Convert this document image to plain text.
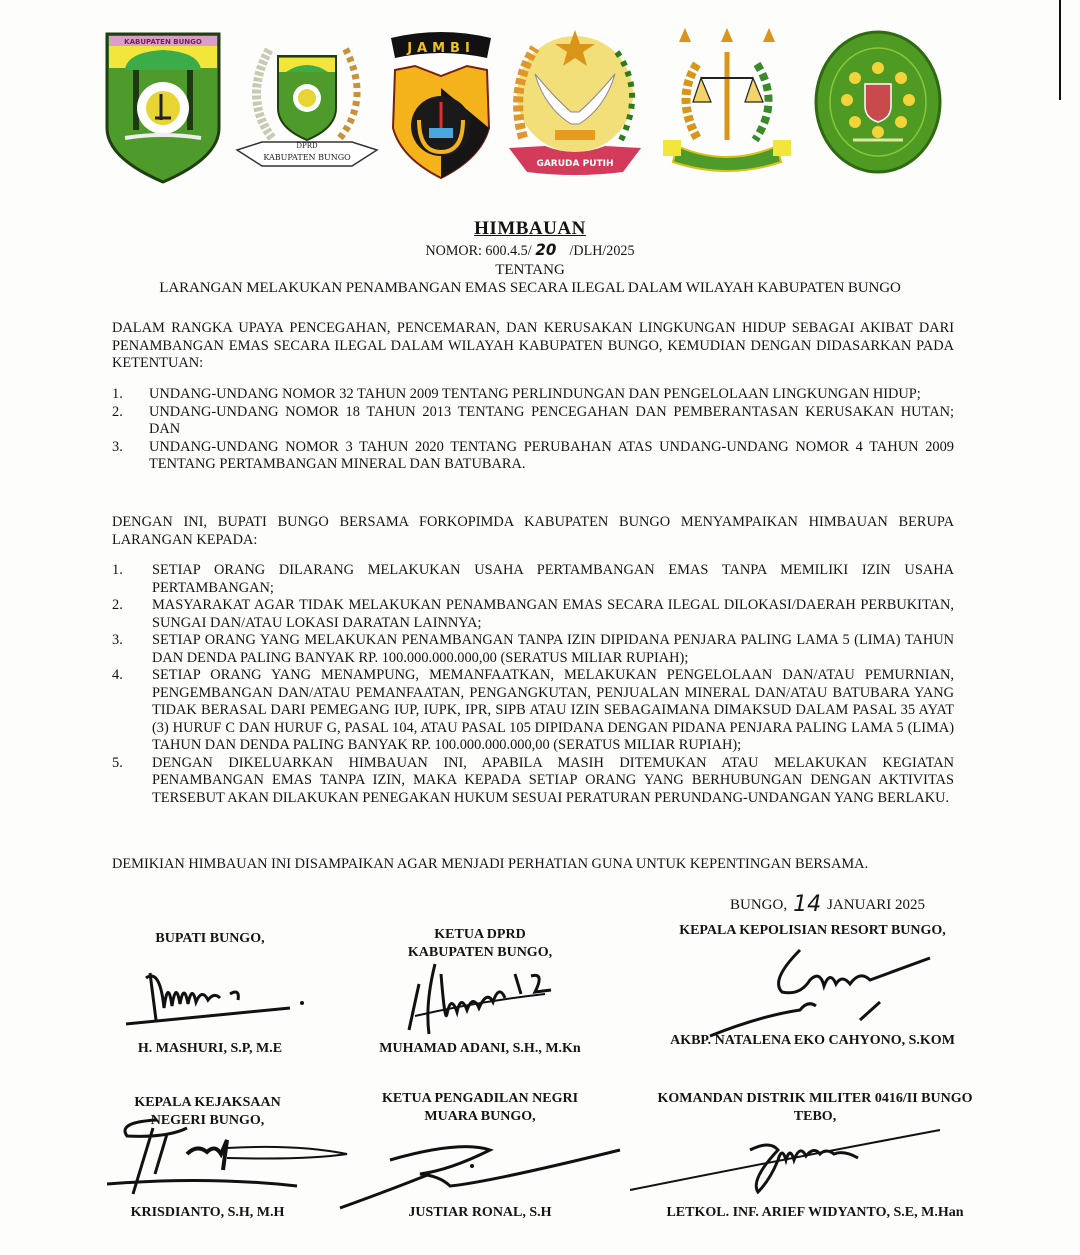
KABUPATEN BUNGO
DPRD
KABUPATEN BUNGO
JAMBI
GARUDA PUTIH
HIMBAUAN
NOMOR: 600.4.5/ 20 /DLH/2025
TENTANG
LARANGAN MELAKUKAN PENAMBANGAN EMAS SECARA ILEGAL DALAM WILAYAH KABUPATEN BUNGO
DALAM RANGKA UPAYA PENCEGAHAN, PENCEMARAN, DAN KERUSAKAN LINGKUNGAN HIDUP SEBAGAI AKIBAT DARI PENAMBANGAN EMAS SECARA ILEGAL DALAM WILAYAH KABUPATEN BUNGO, KEMUDIAN DENGAN DIDASARKAN PADA KETENTUAN:
1.	UNDANG-UNDANG NOMOR 32 TAHUN 2009 TENTANG PERLINDUNGAN DAN PENGELOLAAN LINGKUNGAN HIDUP;
2.	UNDANG-UNDANG NOMOR 18 TAHUN 2013 TENTANG PENCEGAHAN DAN PEMBERANTASAN KERUSAKAN HUTAN; DAN
3.	UNDANG-UNDANG NOMOR 3 TAHUN 2020 TENTANG PERUBAHAN ATAS UNDANG-UNDANG NOMOR 4 TAHUN 2009 TENTANG PERTAMBANGAN MINERAL DAN BATUBARA.
DENGAN INI, BUPATI BUNGO BERSAMA FORKOPIMDA KABUPATEN BUNGO MENYAMPAIKAN HIMBAUAN BERUPA LARANGAN KEPADA:
1.	SETIAP ORANG DILARANG MELAKUKAN USAHA PERTAMBANGAN EMAS TANPA MEMILIKI IZIN USAHA PERTAMBANGAN;
2.	MASYARAKAT AGAR TIDAK MELAKUKAN PENAMBANGAN EMAS SECARA ILEGAL DILOKASI/DAERAH PERBUKITAN, SUNGAI DAN/ATAU LOKASI DARATAN LAINNYA;
3.	SETIAP ORANG YANG MELAKUKAN PENAMBANGAN TANPA IZIN DIPIDANA PENJARA PALING LAMA 5 (LIMA) TAHUN DAN DENDA PALING BANYAK RP. 100.000.000.000,00 (SERATUS MILIAR RUPIAH);
4.	SETIAP ORANG YANG MENAMPUNG, MEMANFAATKAN, MELAKUKAN PENGELOLAAN DAN/ATAU PEMURNIAN, PENGEMBANGAN DAN/ATAU PEMANFAATAN, PENGANGKUTAN, PENJUALAN MINERAL DAN/ATAU BATUBARA YANG TIDAK BERASAL DARI PEMEGANG IUP, IUPK, IPR, SIPB ATAU IZIN SEBAGAIMANA DIMAKSUD DALAM PASAL 35 AYAT (3) HURUF C DAN HURUF G, PASAL 104, ATAU PASAL 105 DIPIDANA DENGAN PIDANA PENJARA PALING LAMA 5 (LIMA) TAHUN DAN DENDA PALING BANYAK RP. 100.000.000.000,00 (SERATUS MILIAR RUPIAH);
5.	DENGAN DIKELUARKAN HIMBAUAN INI, APABILA MASIH DITEMUKAN ATAU MELAKUKAN KEGIATAN PENAMBANGAN EMAS TANPA IZIN, MAKA KEPADA SETIAP ORANG YANG BERHUBUNGAN DENGAN AKTIVITAS TERSEBUT AKAN DILAKUKAN PENEGAKAN HUKUM SESUAI PERATURAN PERUNDANG-UNDANGAN YANG BERLAKU.
DEMIKIAN HIMBAUAN INI DISAMPAIKAN AGAR MENJADI PERHATIAN GUNA UNTUK KEPENTINGAN BERSAMA.
BUNGO, 14 JANUARI 2025
BUPATI BUNGO,
H. MASHURI, S.P, M.E
KETUA DPRD KABUPATEN BUNGO,
MUHAMAD ADANI, S.H., M.Kn
KEPALA KEPOLISIAN RESORT BUNGO,
AKBP. NATALENA EKO CAHYONO, S.KOM
KEPALA KEJAKSAAN NEGERI BUNGO,
KRISDIANTO, S.H, M.H
KETUA PENGADILAN NEGRI MUARA BUNGO,
JUSTIAR RONAL, S.H
KOMANDAN DISTRIK MILITER 0416/II BUNGO TEBO,
LETKOL. INF. ARIEF WIDYANTO, S.E, M.Han
